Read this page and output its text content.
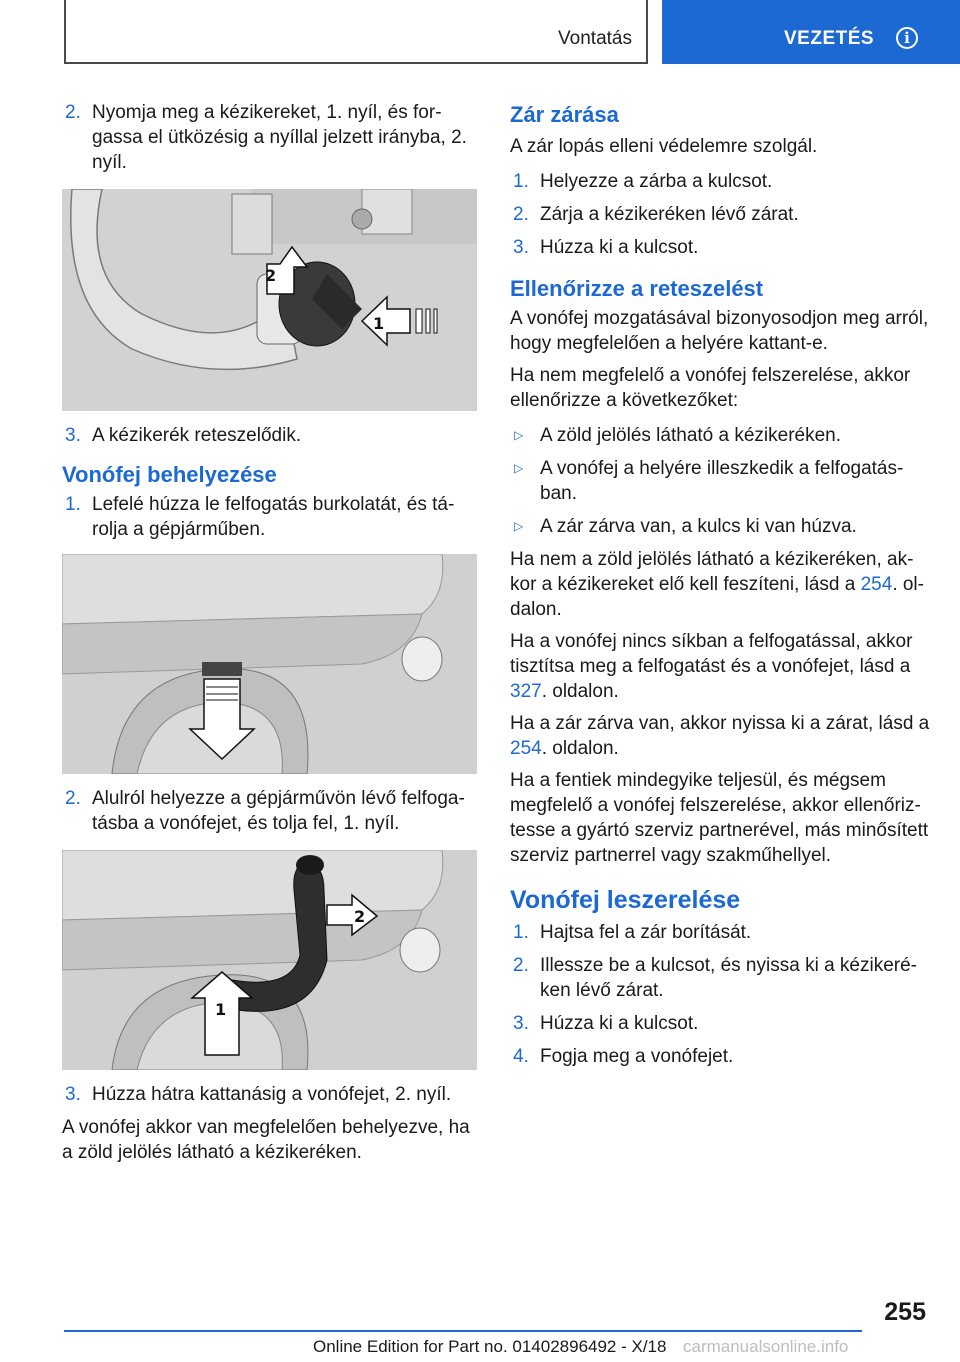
Vontatás	VEZETÉS	i
2. Nyomja meg a kézikereket, 1. nyíl, és forgassa el ütközésig a nyíllal jelzett irányba, 2. nyíl.
2
1
3. A kézikerék reteszelődik.
Vonófej behelyezése
1. Lefelé húzza le felfogatás burkolatát, és tárolja a gépjárműben.
2. Alulról helyezze a gépjárművön lévő felfogatásba a vonófejet, és tolja fel, 1. nyíl.
2
1
3. Húzza hátra kattanásig a vonófejet, 2. nyíl.

A vonófej akkor van megfelelően behelyezve, ha a zöld jelölés látható a kézikeréken.

Zár zárása

A zár lopás elleni védelemre szolgál.

1. Helyezze a zárba a kulcsot.
2. Zárja a kézikeréken lévő zárat.
3. Húzza ki a kulcsot.
Ellenőrizze a reteszelést

A vonófej mozgatásával bizonyosodjon meg arról, hogy megfelelően a helyére kattant-e.

Ha nem megfelelő a vonófej felszerelése, akkor ellenőrizze a következőket:

▷ A zöld jelölés látható a kézikeréken.
▷ A vonófej a helyére illeszkedik a felfogatásban.
▷ A zár zárva van, a kulcs ki van húzva.

Ha nem a zöld jelölés látható a kézikeréken, akkor a kézikereket elő kell feszíteni, lásd a 254. oldalon.

Ha a vonófej nincs síkban a felfogatással, akkor tisztítsa meg a felfogatást és a vonófejet, lásd a 327. oldalon.

Ha a zár zárva van, akkor nyissa ki a zárat, lásd a 254. oldalon.

Ha a fentiek mindegyike teljesül, és mégsem megfelelő a vonófej felszerelése, akkor ellenőriztesse a gyártó szerviz partnerével, más minősített szerviz partnerrel vagy szakműhellyel.

Vonófej leszerelése
1. Hajtsa fel a zár borítását.
2. Illessze be a kulcsot, és nyissa ki a kézikeréken lévő zárat.
3. Húzza ki a kulcsot.
4. Fogja meg a vonófejet.
255
Online Edition for Part no. 01402896492 - X/18 carmanualsonline.info
